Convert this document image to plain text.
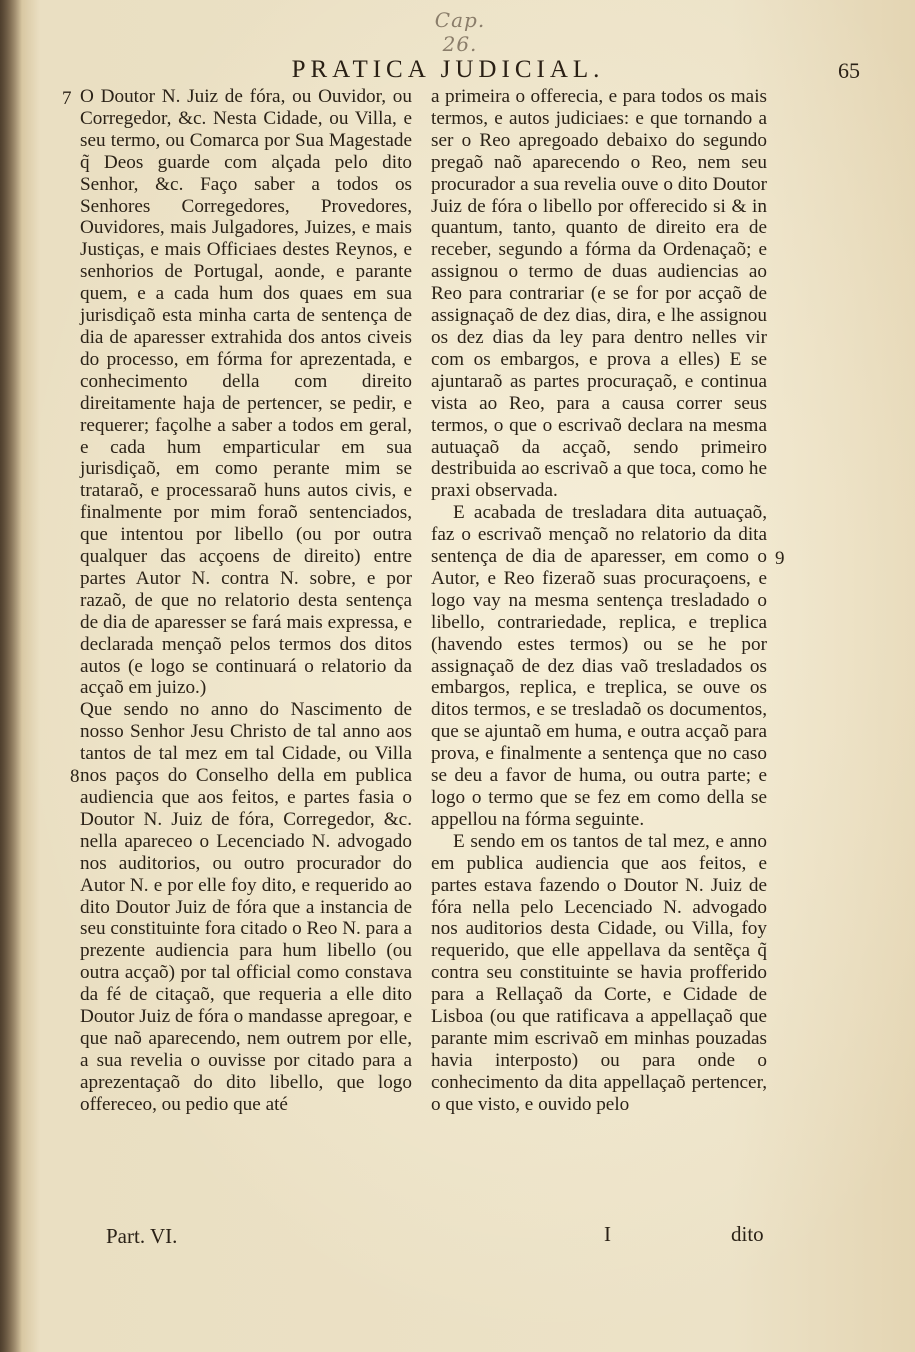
Cap. 26.
PRATICA JUDICIAL.	65
7
8
9

O Doutor N. Juiz de fóra, ou Ouvidor, ou Corregedor, &c. Nesta Cidade, ou Villa, e seu termo, ou Comarca por Sua Magestade q̃ Deos guarde com alçada pelo dito Senhor, &c. Faço saber a todos os Senhores Corregedores, Provedores, Ouvidores, mais Julgadores, Juizes, e mais Justiças, e mais Officiaes destes Reynos, e senhorios de Portugal, aonde, e parante quem, e a cada hum dos quaes em sua jurisdiçaõ esta minha carta de sentença de dia de aparesser extrahida dos antos civeis do processo, em fórma for aprezentada, e conhecimento della com direito direitamente haja de pertencer, se pedir, e requerer; façolhe a saber a todos em geral, e cada hum emparticular em sua jurisdiçaõ, em como perante mim se trataraõ, e processaraõ huns autos civis, e finalmente por mim foraõ sentenciados, que intentou por libello (ou por outra qualquer das acçoens de direito) entre partes Autor N. contra N. sobre, e por razaõ, de que no relatorio desta sentença de dia de aparesser se fará mais expressa, e declarada mençaõ pelos termos dos ditos autos (e logo se continuará o relatorio da acçaõ em juizo.)

Que sendo no anno do Nascimento de nosso Senhor Jesu Christo de tal anno aos tantos de tal mez em tal Cidade, ou Villa nos paços do Conselho della em publica audiencia que aos feitos, e partes fasia o Doutor N. Juiz de fóra, Corregedor, &c. nella apareceo o Lecenciado N. advogado nos auditorios, ou outro procurador do Autor N. e por elle foy dito, e requerido ao dito Doutor Juiz de fóra que a instancia de seu constituinte fora citado o Reo N. para a prezente audiencia para hum libello (ou outra acçaõ) por tal official como constava da fé de citaçaõ, que requeria a elle dito Doutor Juiz de fóra o mandasse apregoar, e que naõ aparecendo, nem outrem por elle, a sua revelia o ouvisse por citado para a aprezentaçaõ do dito libello, que logo offereceo, ou pedio que até

a primeira o offerecia, e para todos os mais termos, e autos judiciaes: e que tornando a ser o Reo apregoado debaixo do segundo pregaõ naõ aparecendo o Reo, nem seu procurador a sua revelia ouve o dito Doutor Juiz de fóra o libello por offerecido si & in quantum, tanto, quanto de direito era de receber, segundo a fórma da Ordenaçaõ; e assignou o termo de duas audiencias ao Reo para contrariar (e se for por acçaõ de assignaçaõ de dez dias, dira, e lhe assignou os dez dias da ley para dentro nelles vir com os embargos, e prova a elles) E se ajuntaraõ as partes procuraçaõ, e continua vista ao Reo, para a causa correr seus termos, o que o escrivaõ declara na mesma autuaçaõ da acçaõ, sendo primeiro destribuida ao escrivaõ a que toca, como he praxi observada.

E acabada de tresladara dita autuaçaõ, faz o escrivaõ mençaõ no relatorio da dita sentença de dia de aparesser, em como o Autor, e Reo fizeraõ suas procuraçoens, e logo vay na mesma sentença tresladado o libello, contrariedade, replica, e treplica (havendo estes termos) ou se he por assignaçaõ de dez dias vaõ tresladados os embargos, replica, e treplica, se ouve os ditos termos, e se tresladaõ os documentos, que se ajuntaõ em huma, e outra acçaõ para prova, e finalmente a sentença que no caso se deu a favor de huma, ou outra parte; e logo o termo que se fez em como della se appellou na fórma seguinte.

E sendo em os tantos de tal mez, e anno em publica audiencia que aos feitos, e partes estava fazendo o Doutor N. Juiz de fóra nella pelo Lecenciado N. advogado nos auditorios desta Cidade, ou Villa, foy requerido, que elle appellava da sentẽça q̃ contra seu constituinte se havia profferido para a Rellaçaõ da Corte, e Cidade de Lisboa (ou que ratificava a appellaçaõ que parante mim escrivaõ em minhas pouzadas havia interposto) ou para onde o conhecimento da dita appellaçaõ pertencer, o que visto, e ouvido pelo

Part. VI.	I	dito
